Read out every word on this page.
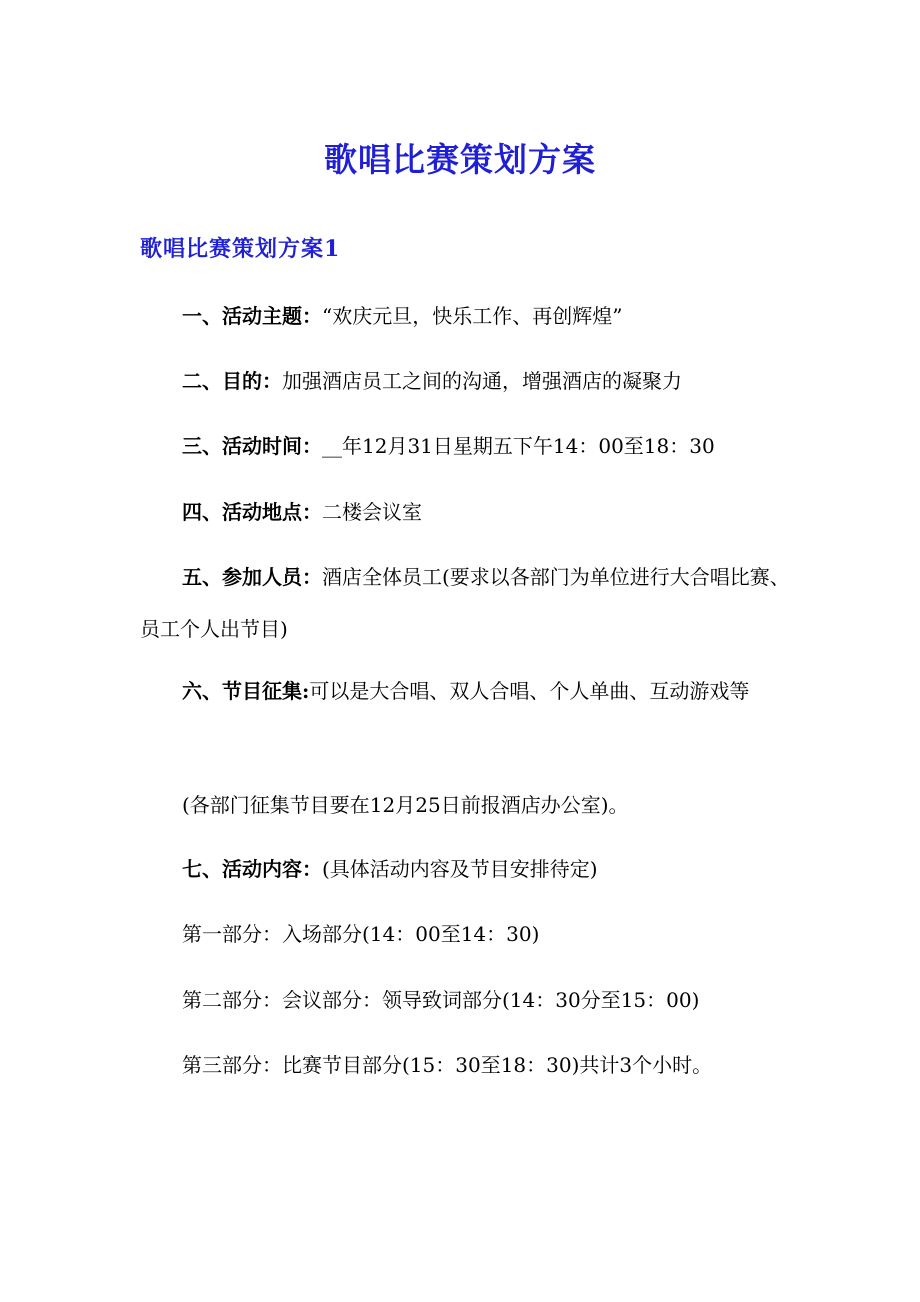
歌唱比赛策划方案
歌唱比赛策划方案1
一、活动主题：“欢庆元旦，快乐工作、再创辉煌”
二、目的：加强酒店员工之间的沟通，增强酒店的凝聚力
三、活动时间：__年12月31日星期五下午14：00至18：30
四、活动地点：二楼会议室
五、参加人员：酒店全体员工(要求以各部门为单位进行大合唱比赛、员工个人出节目)
六、节目征集:可以是大合唱、双人合唱、个人单曲、互动游戏等
(各部门征集节目要在12月25日前报酒店办公室)。
七、活动内容：(具体活动内容及节目安排待定)
第一部分：入场部分(14：00至14：30)
第二部分：会议部分：领导致词部分(14：30分至15：00)
第三部分：比赛节目部分(15：30至18：30)共计3个小时。
